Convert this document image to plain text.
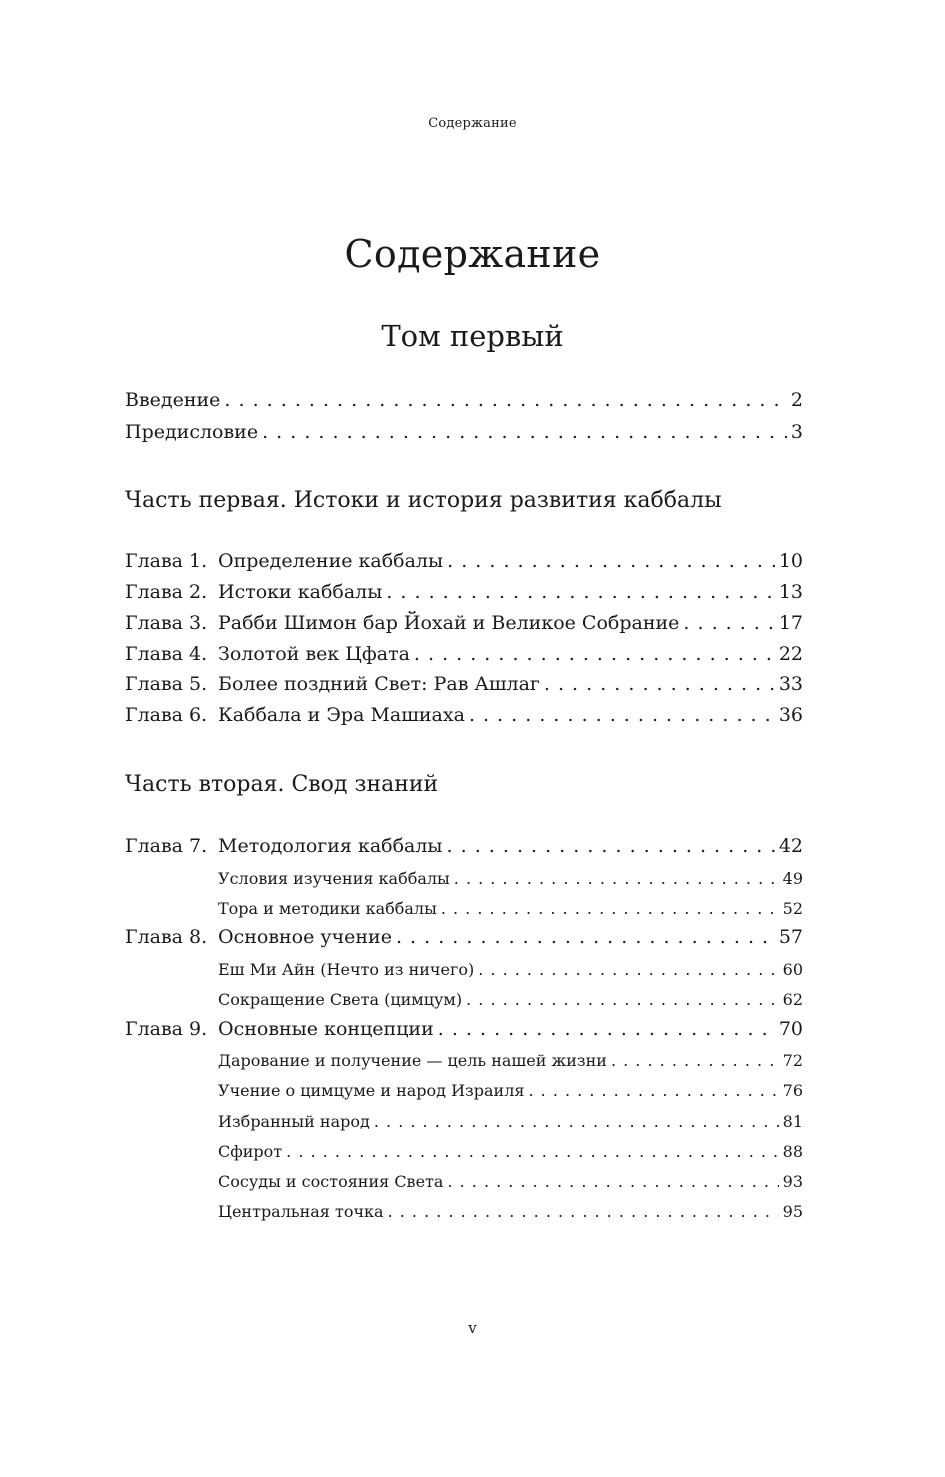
Содержание
Содержание
Том первый
Введение . . .	2
Предисловие . . .	3
Часть первая. Истоки и история развития каббалы
Глава 1. Определение каббалы . . .	10
Глава 2. Истоки каббалы . . .	13
Глава 3. Рабби Шимон бар Йохай и Великое Собрание . . .	17
Глава 4. Золотой век Цфата . . .	22
Глава 5. Более поздний Свет: Рав Ашлаг . . .	33
Глава 6. Каббала и Эра Машиаха . . .	36
Часть вторая. Свод знаний
Глава 7. Методология каббалы . . .	42
Условия изучения каббалы . . .	49
Тора и методики каббалы . . .	52
Глава 8. Основное учение . . .	57
Еш Ми Айн (Нечто из ничего) . . .	60
Сокращение Света (цимцум) . . .	62
Глава 9. Основные концепции . . .	70
Дарование и получение — цель нашей жизни . . .	72
Учение о цимцуме и народ Израиля . . .	76
Избранный народ . . .	81
Сфирот . . .	88
Сосуды и состояния Света . . .	93
Центральная точка . . .	95
v
